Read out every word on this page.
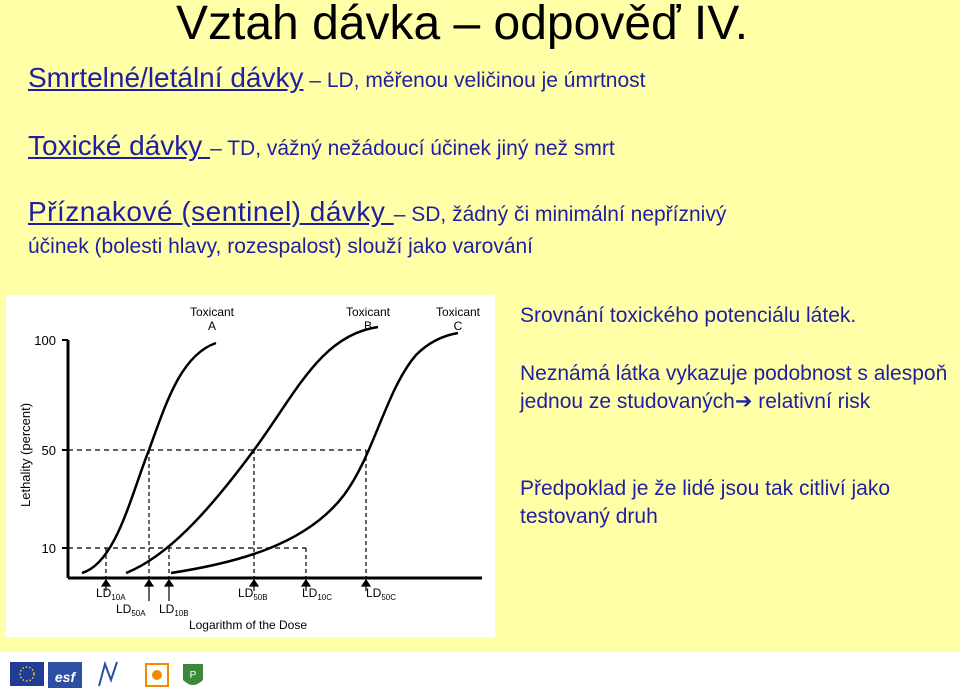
Vztah dávka – odpověď IV.
Smrtelné/letální dávky – LD, měřenou veličinou je úmrtnost
Toxické dávky – TD, vážný nežádoucí účinek jiný než smrt
Příznakové (sentinel) dávky – SD, žádný či minimální nepříznivý
účinek (bolesti hlavy, rozespalost) slouží jako varování
100
50
10
Lethality (percent)
Toxicant
A
Toxicant
B
Toxicant
C
$LD_{10A}$
$LD_{50A}$ $LD_{10B}$
$LD_{50B}$	$LD_{10C}$	$LD_{50C}$
Logarithm of the Dose
Srovnání toxického potenciálu látek.
Neznámá látka vykazuje podobnost s alespoň jednou ze studovaných➔ relativní risk
Předpoklad je že lidé jsou tak citliví jako testovaný druh
esf	P
